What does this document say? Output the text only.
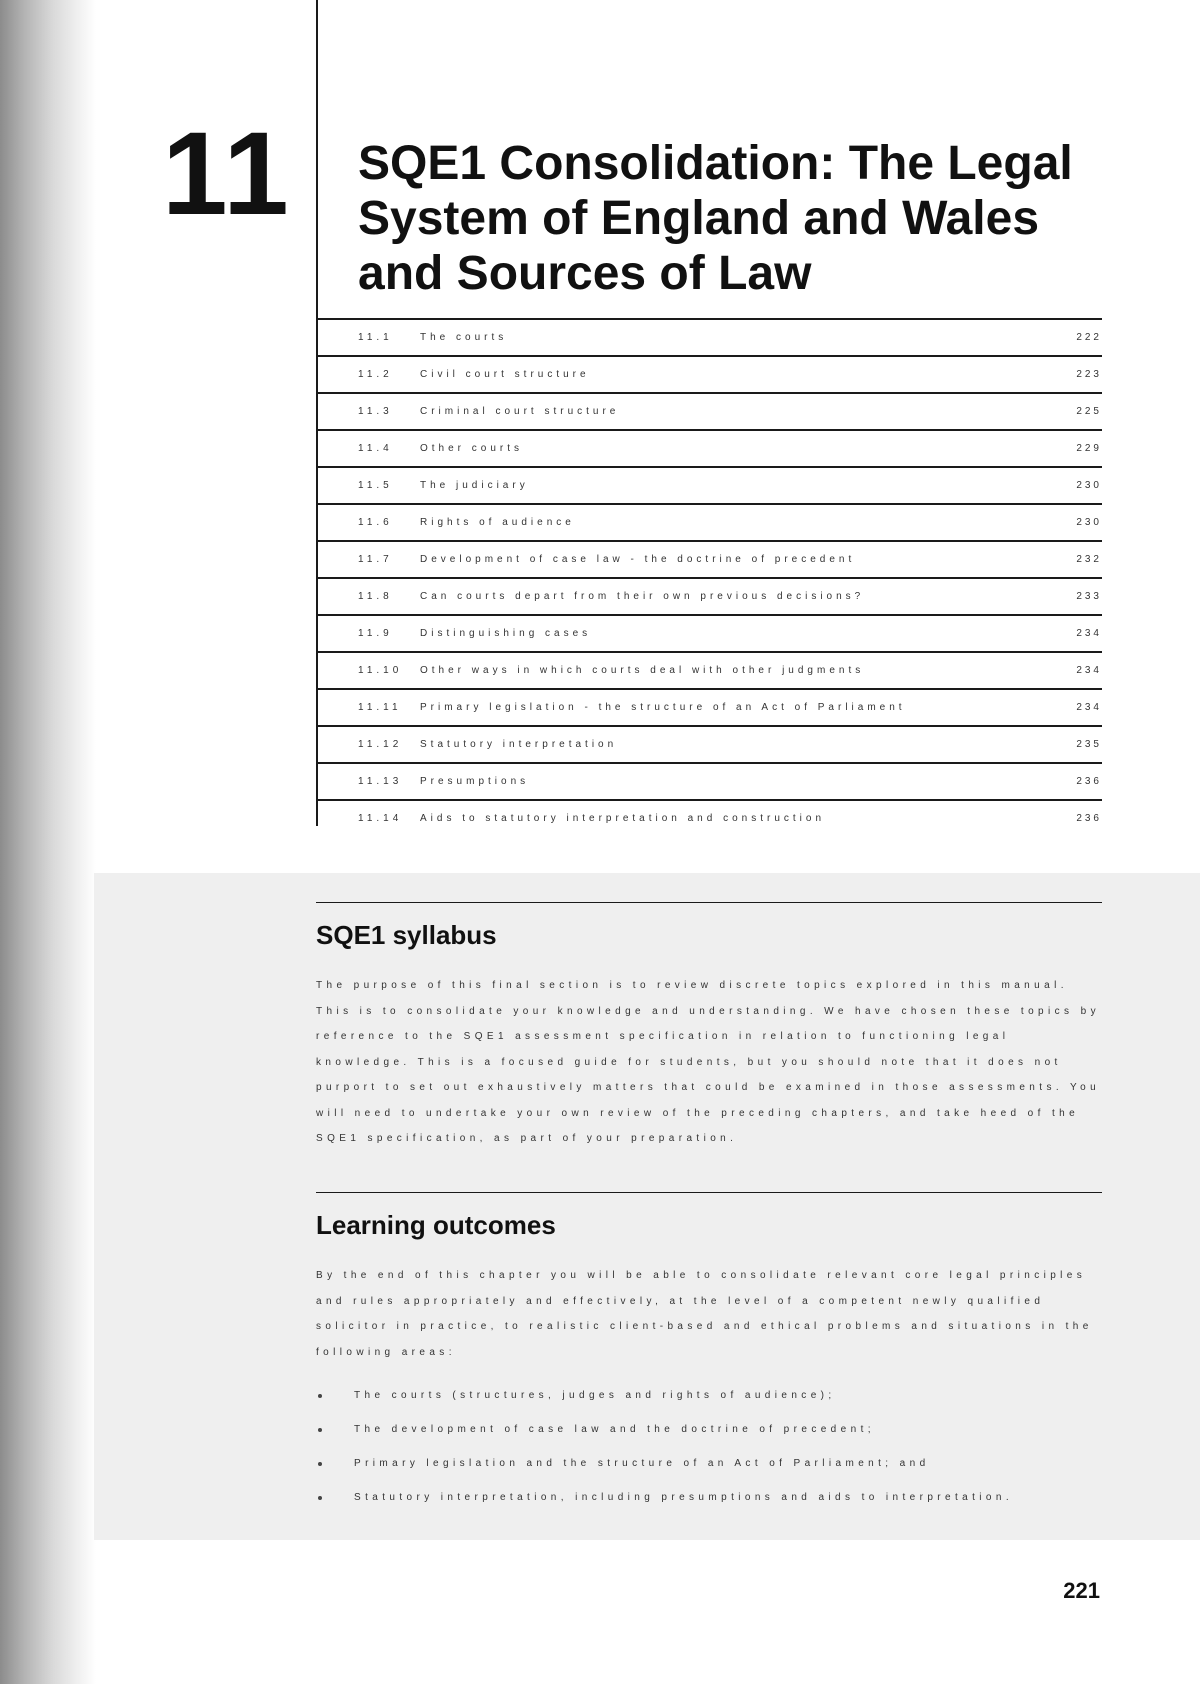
11 SQE1 Consolidation: The Legal System of England and Wales and Sources of Law
11.1	The courts	222
11.2	Civil court structure	223
11.3	Criminal court structure	225
11.4	Other courts	229
11.5	The judiciary	230
11.6	Rights of audience	230
11.7	Development of case law - the doctrine of precedent	232
11.8	Can courts depart from their own previous decisions?	233
11.9	Distinguishing cases	234
11.10	Other ways in which courts deal with other judgments	234
11.11	Primary legislation - the structure of an Act of Parliament	234
11.12	Statutory interpretation	235
11.13	Presumptions	236
11.14	Aids to statutory interpretation and construction	236
SQE1 syllabus

The purpose of this final section is to review discrete topics explored in this manual. This is to consolidate your knowledge and understanding. We have chosen these topics by reference to the SQE1 assessment specification in relation to functioning legal knowledge. This is a focused guide for students, but you should note that it does not purport to set out exhaustively matters that could be examined in those assessments. You will need to undertake your own review of the preceding chapters, and take heed of the SQE1 specification, as part of your preparation.

Learning outcomes

By the end of this chapter you will be able to consolidate relevant core legal principles and rules appropriately and effectively, at the level of a competent newly qualified solicitor in practice, to realistic client-based and ethical problems and situations in the following areas:

The courts (structures, judges and rights of audience);
The development of case law and the doctrine of precedent;
Primary legislation and the structure of an Act of Parliament; and
Statutory interpretation, including presumptions and aids to interpretation.
221
